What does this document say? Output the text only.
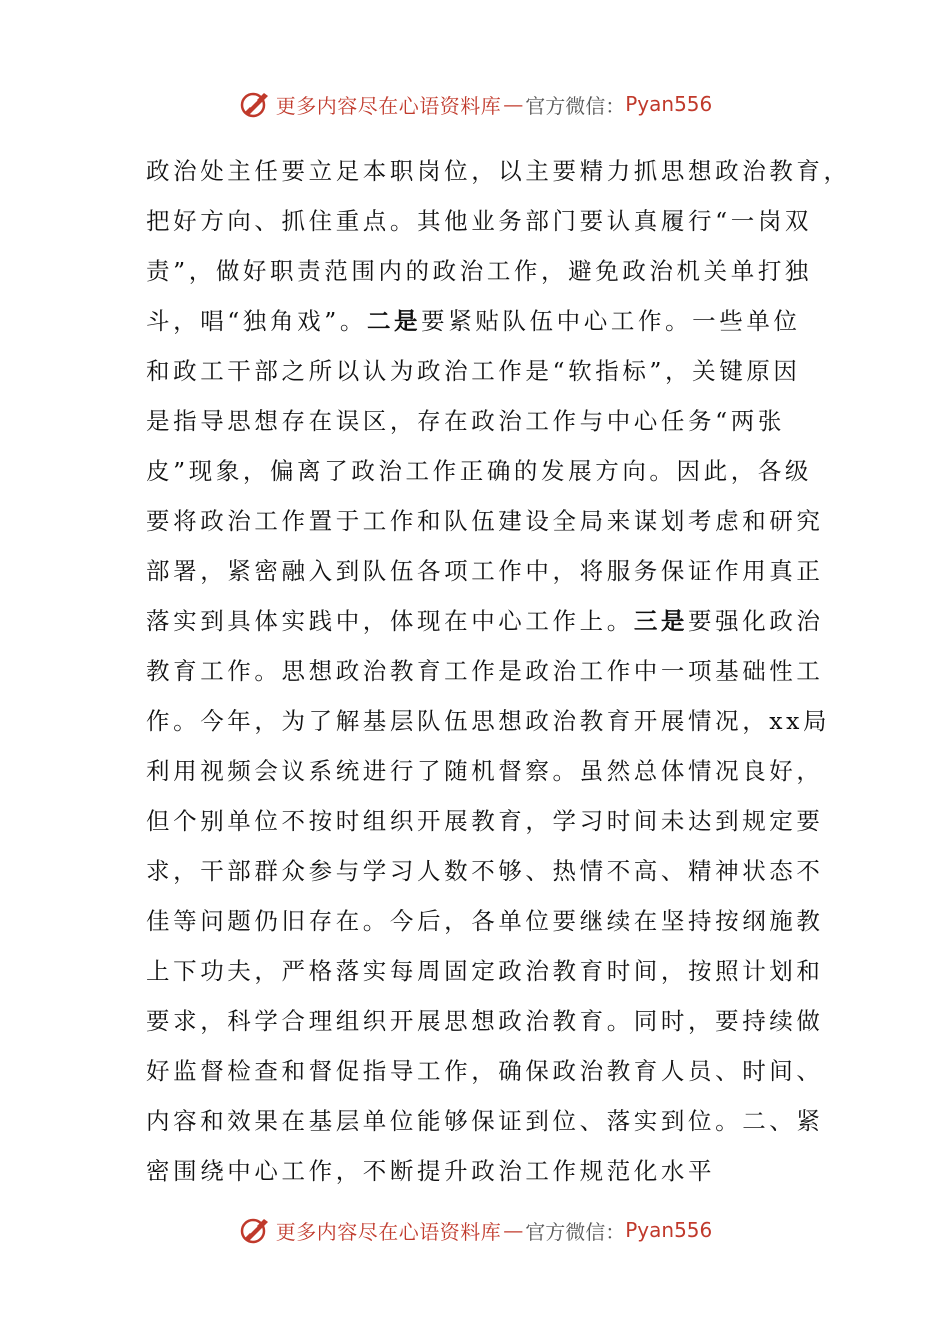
更多内容尽在心语资料库 — 官方微信： Pyan556
政治处主任要立足本职岗位，以主要精力抓思想政治教育，
把好方向、抓住重点。其他业务部门要认真履行“一岗双
责”，做好职责范围内的政治工作，避免政治机关单打独
斗，唱“独角戏”。二是要紧贴队伍中心工作。一些单位
和政工干部之所以认为政治工作是“软指标”，关键原因
是指导思想存在误区，存在政治工作与中心任务“两张
皮”现象，偏离了政治工作正确的发展方向。因此，各级
要将政治工作置于工作和队伍建设全局来谋划考虑和研究
部署，紧密融入到队伍各项工作中，将服务保证作用真正
落实到具体实践中，体现在中心工作上。三是要强化政治
教育工作。思想政治教育工作是政治工作中一项基础性工
作。今年，为了解基层队伍思想政治教育开展情况，xx局
利用视频会议系统进行了随机督察。虽然总体情况良好，
但个别单位不按时组织开展教育，学习时间未达到规定要
求，干部群众参与学习人数不够、热情不高、精神状态不
佳等问题仍旧存在。今后，各单位要继续在坚持按纲施教
上下功夫，严格落实每周固定政治教育时间，按照计划和
要求，科学合理组织开展思想政治教育。同时，要持续做
好监督检查和督促指导工作，确保政治教育人员、时间、
内容和效果在基层单位能够保证到位、落实到位。二、紧
密围绕中心工作，不断提升政治工作规范化水平
更多内容尽在心语资料库 — 官方微信： Pyan556
